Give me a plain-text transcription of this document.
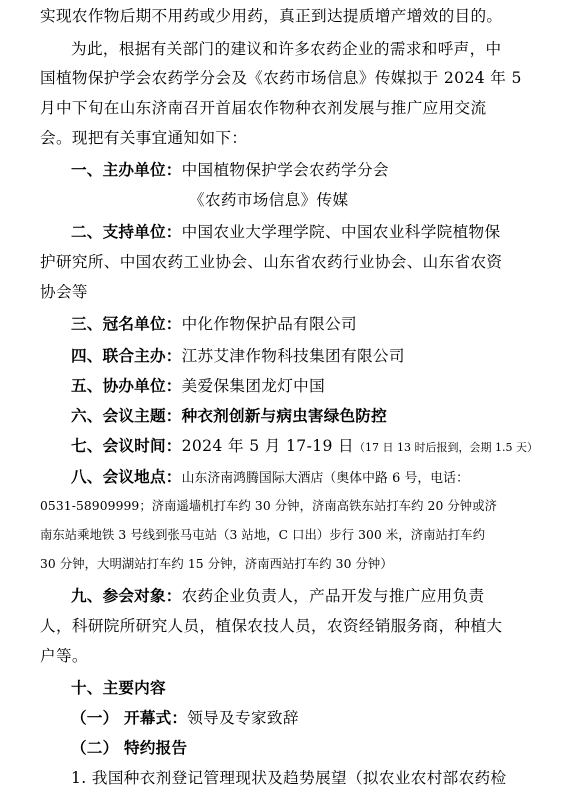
实现农作物后期不用药或少用药，真正到达提质增产增效的目的。
为此，根据有关部门的建议和许多农药企业的需求和呼声，中
国植物保护学会农药学分会及《农药市场信息》传媒拟于 2024 年 5
月中下旬在山东济南召开首届农作物种衣剂发展与推广应用交流
会。现把有关事宜通知如下：
一、主办单位：中国植物保护学会农药学分会
《农药市场信息》传媒
二、支持单位：中国农业大学理学院、中国农业科学院植物保
护研究所、中国农药工业协会、山东省农药行业协会、山东省农资
协会等
三、冠名单位：中化作物保护品有限公司
四、联合主办：江苏艾津作物科技集团有限公司
五、协办单位：美爱保集团龙灯中国
六、会议主题：种衣剂创新与病虫害绿色防控
七、会议时间：2024 年 5 月 17-19 日（17 日 13 时后报到，会期 1.5 天）
八、会议地点：山东济南鸿腾国际大酒店（奥体中路 6 号，电话：
0531-58909999；济南遥墙机打车约 30 分钟，济南高铁东站打车约 20 分钟或济
南东站乘地铁 3 号线到张马屯站（3 站地，C 口出）步行 300 米，济南站打车约
30 分钟，大明湖站打车约 15 分钟，济南西站打车约 30 分钟）
九、参会对象：农药企业负责人，产品开发与推广应用负责
人，科研院所研究人员，植保农技人员，农资经销服务商，种植大
户等。
十、主要内容
（一） 开幕式：领导及专家致辞
（二） 特约报告
1. 我国种衣剂登记管理现状及趋势展望（拟农业农村部农药检
